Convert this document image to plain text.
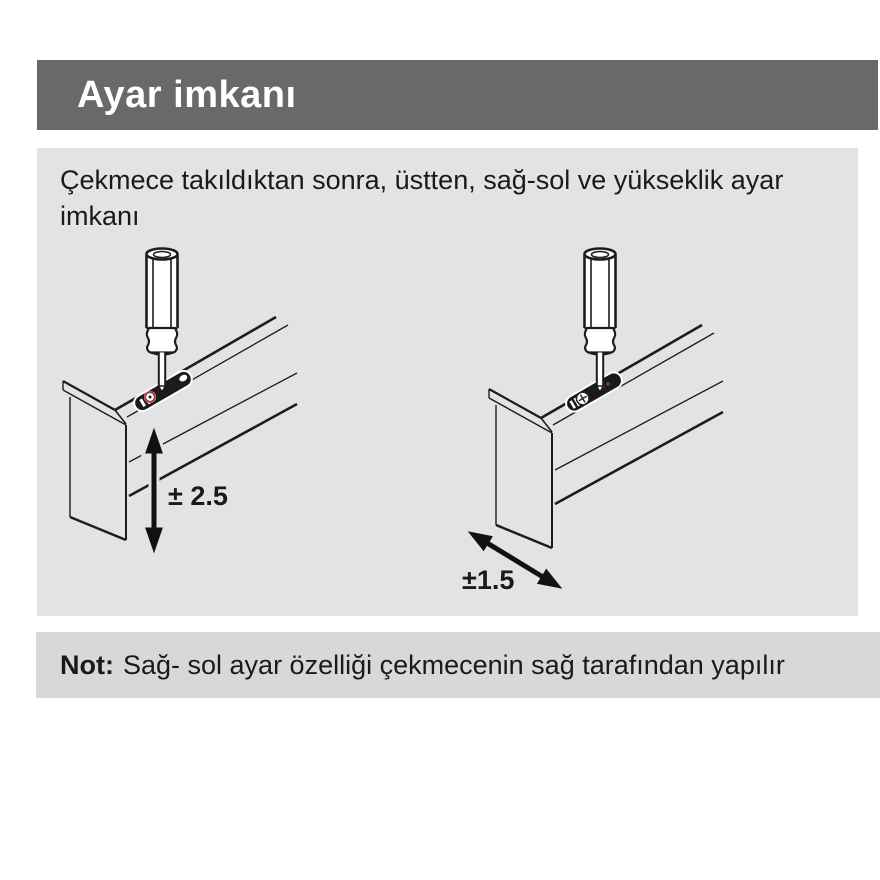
Ayar imkanı
Çekmece takıldıktan sonra, üstten, sağ-sol ve yükseklik ayar
imkanı
± 2.5
±1.5
Not: Sağ- sol ayar özelliği çekmecenin sağ tarafından yapılır
